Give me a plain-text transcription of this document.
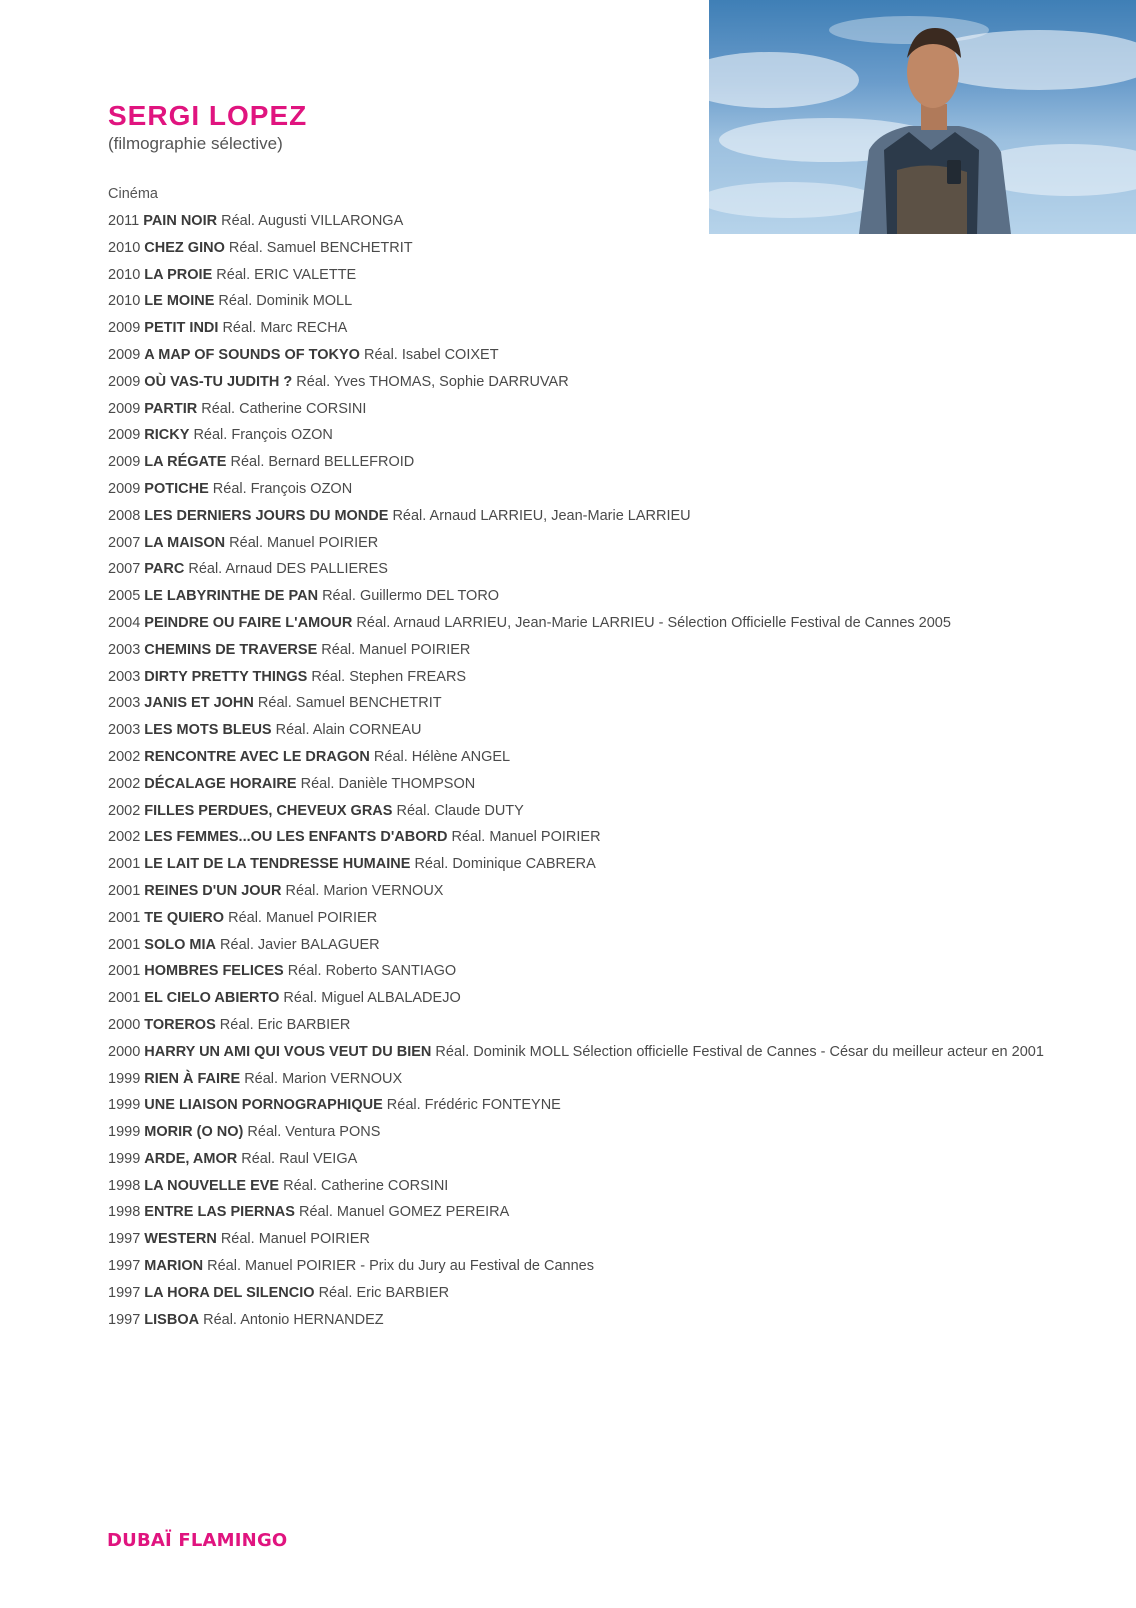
SERGI LOPEZ

(filmographie sélective)

Cinéma
2011 PAIN NOIR Réal. Augusti VILLARONGA
2010 CHEZ GINO Réal. Samuel BENCHETRIT
2010 LA PROIE Réal. ERIC VALETTE
2010 LE MOINE Réal. Dominik MOLL
2009 PETIT INDI Réal. Marc RECHA
2009 A MAP OF SOUNDS OF TOKYO Réal. Isabel COIXET
2009 OÙ VAS-TU JUDITH ? Réal. Yves THOMAS, Sophie DARRUVAR
2009 PARTIR Réal. Catherine CORSINI
2009 RICKY Réal. François OZON
2009 LA RÉGATE Réal. Bernard BELLEFROID
2009 POTICHE Réal. François OZON
2008 LES DERNIERS JOURS DU MONDE Réal. Arnaud LARRIEU, Jean-Marie LARRIEU
2007 LA MAISON Réal. Manuel POIRIER
2007 PARC Réal. Arnaud DES PALLIERES
2005 LE LABYRINTHE DE PAN Réal. Guillermo DEL TORO
2004 PEINDRE OU FAIRE L'AMOUR Réal. Arnaud LARRIEU, Jean-Marie LARRIEU - Sélection Officielle Festival de Cannes 2005
2003 CHEMINS DE TRAVERSE Réal. Manuel POIRIER
2003 DIRTY PRETTY THINGS Réal. Stephen FREARS
2003 JANIS ET JOHN Réal. Samuel BENCHETRIT
2003 LES MOTS BLEUS Réal. Alain CORNEAU
2002 RENCONTRE AVEC LE DRAGON Réal. Hélène ANGEL
2002 DÉCALAGE HORAIRE Réal. Danièle THOMPSON
2002 FILLES PERDUES, CHEVEUX GRAS Réal. Claude DUTY
2002 LES FEMMES...OU LES ENFANTS D'ABORD Réal. Manuel POIRIER
2001 LE LAIT DE LA TENDRESSE HUMAINE Réal. Dominique CABRERA
2001 REINES D'UN JOUR Réal. Marion VERNOUX
2001 TE QUIERO Réal. Manuel POIRIER
2001 SOLO MIA Réal. Javier BALAGUER
2001 HOMBRES FELICES Réal. Roberto SANTIAGO
2001 EL CIELO ABIERTO Réal. Miguel ALBALADEJO
2000 TOREROS Réal. Eric BARBIER
2000 HARRY UN AMI QUI VOUS VEUT DU BIEN Réal. Dominik MOLL Sélection officielle Festival de Cannes - César du meilleur acteur en 2001
1999 RIEN À FAIRE Réal. Marion VERNOUX
1999 UNE LIAISON PORNOGRAPHIQUE Réal. Frédéric FONTEYNE
1999 MORIR (O NO) Réal. Ventura PONS
1999 ARDE, AMOR Réal. Raul VEIGA
1998 LA NOUVELLE EVE Réal. Catherine CORSINI
1998 ENTRE LAS PIERNAS Réal. Manuel GOMEZ PEREIRA
1997 WESTERN Réal. Manuel POIRIER
1997 MARION Réal. Manuel POIRIER - Prix du Jury au Festival de Cannes
1997 LA HORA DEL SILENCIO Réal. Eric BARBIER
1997 LISBOA Réal. Antonio HERNANDEZ
DUBAÏ FLAMINGO
